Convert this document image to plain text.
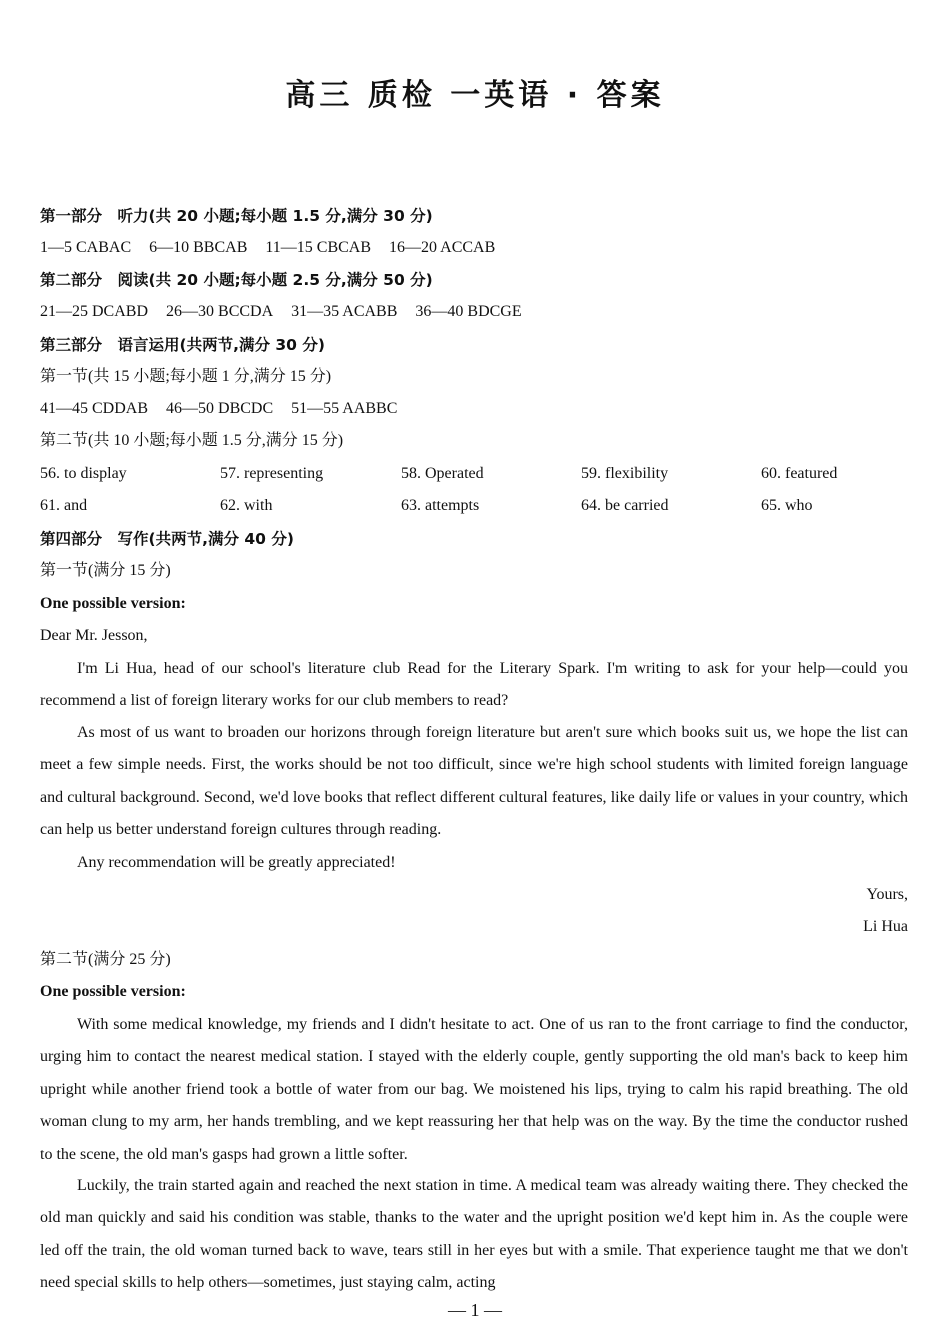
高三 质检 一英语 · 答案
第一部分　听力(共 20 小题;每小题 1.5 分,满分 30 分)
1—5 CABAC 6—10 BBCAB 11—15 CBCAB 16—20 ACCAB
第二部分　阅读(共 20 小题;每小题 2.5 分,满分 50 分)
21—25 DCABD 26—30 BCCDA 31—35 ACABB 36—40 BDCGE
第三部分　语言运用(共两节,满分 30 分)
第一节(共 15 小题;每小题 1 分,满分 15 分)
41—45 CDDAB 46—50 DBCDC 51—55 AABBC
第二节(共 10 小题;每小题 1.5 分,满分 15 分)
56. to display	57. representing	58. Operated	59. flexibility	60. featured
61. and	62. with	63. attempts	64. be carried	65. who
第四部分　写作(共两节,满分 40 分)
第一节(满分 15 分)
One possible version:
Dear Mr. Jesson,

I'm Li Hua, head of our school's literature club Read for the Literary Spark. I'm writing to ask for your help—could you recommend a list of foreign literary works for our club members to read?

As most of us want to broaden our horizons through foreign literature but aren't sure which books suit us, we hope the list can meet a few simple needs. First, the works should be not too difficult, since we're high school students with limited foreign language and cultural background. Second, we'd love books that reflect different cultural features, like daily life or values in your country, which can help us better understand foreign cultures through reading.

Any recommendation will be greatly appreciated!

Yours,
Li Hua
第二节(满分 25 分)
One possible version:

With some medical knowledge, my friends and I didn't hesitate to act. One of us ran to the front carriage to find the conductor, urging him to contact the nearest medical station. I stayed with the elderly couple, gently supporting the old man's back to keep him upright while another friend took a bottle of water from our bag. We moistened his lips, trying to calm his rapid breathing. The old woman clung to my arm, her hands trembling, and we kept reassuring her that help was on the way. By the time the conductor rushed to the scene, the old man's gasps had grown a little softer.

Luckily, the train started again and reached the next station in time. A medical team was already waiting there. They checked the old man quickly and said his condition was stable, thanks to the water and the upright position we'd kept him in. As the couple were led off the train, the old woman turned back to wave, tears still in her eyes but with a smile. That experience taught me that we don't need special skills to help others—sometimes, just staying calm, acting

— 1 —
